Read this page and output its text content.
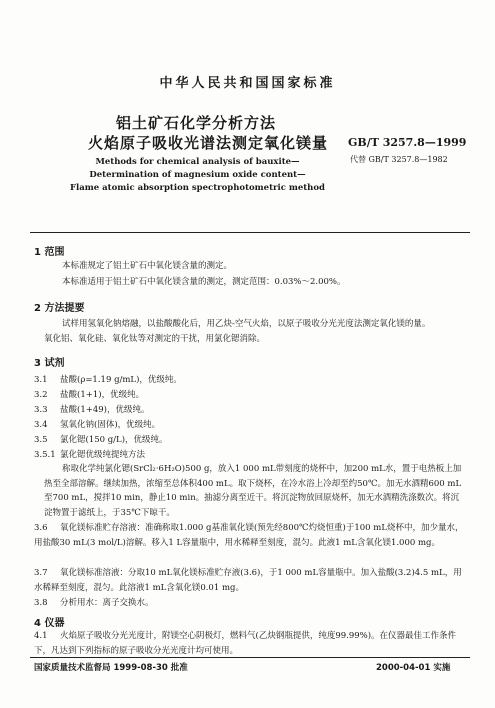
中华人民共和国国家标准
铝土矿石化学分析方法
火焰原子吸收光谱法测定氧化镁量 GB/T 3257.8—1999
代替 GB/T 3257.8—1982
Methods for chemical analysis of bauxite—
Determination of magnesium oxide content—
Flame atomic absorption spectrophotometric method
1 范围
本标准规定了铝土矿石中氧化镁含量的测定。
本标准适用于铝土矿石中氧化镁含量的测定，测定范围：0.03%～2.00%。
2 方法提要
试样用氢氧化钠熔融，以盐酸酸化后，用乙炔-空气火焰，以原子吸收分光光度法测定氧化镁的量。
氧化铝、氧化硅、氧化钛等对测定的干扰，用氯化锶消除。
3 试剂
3.1 盐酸(ρ=1.19 g/mL)，优级纯。
3.2 盐酸(1+1)，优级纯。
3.3 盐酸(1+49)，优级纯。
3.4 氢氧化钠(固体)，优级纯。
3.5 氯化锶(150 g/L)，优级纯。
3.5.1 氯化锶优级纯提纯方法
称取化学纯氯化锶(SrCl₂·6H₂O)500 g，放入1 000 mL带刻度的烧杯中，加200 mL水，置于电热板上加热至全部溶解。继续加热，浓缩至总体积400 mL。取下烧杯，在冷水浴上冷却至约50℃。加无水酒精600 mL至700 mL，搅拌10 min，静止10 min。抽滤分离至近干。将沉淀物放回原烧杯，加无水酒精洗涤数次。将沉淀物置于滤纸上，于35℃下晾干。
3.6 氧化镁标准贮存溶液：准确称取1.000 g基准氧化镁(预先经800℃灼烧恒重)于100 mL烧杯中，加少量水，用盐酸30 mL(3 mol/L)溶解。移入1 L容量瓶中，用水稀释至刻度，混匀。此液1 mL含氧化镁1.000 mg。
3.7 氧化镁标准溶液：分取10 mL氧化镁标准贮存液(3.6)，于1 000 mL容量瓶中。加入盐酸(3.2)4.5 mL，用水稀释至刻度，混匀。此溶液1 mL含氧化镁0.01 mg。
3.8 分析用水：离子交换水。
4 仪器
4.1 火焰原子吸收分光光度计，附镁空心阴极灯，燃料气(乙炔钢瓶提供，纯度99.99%)。在仪器最佳工作条件下，凡达到下列指标的原子吸收分光光度计均可使用。
国家质量技术监督局 1999-08-30 批准	2000-04-01 实施
